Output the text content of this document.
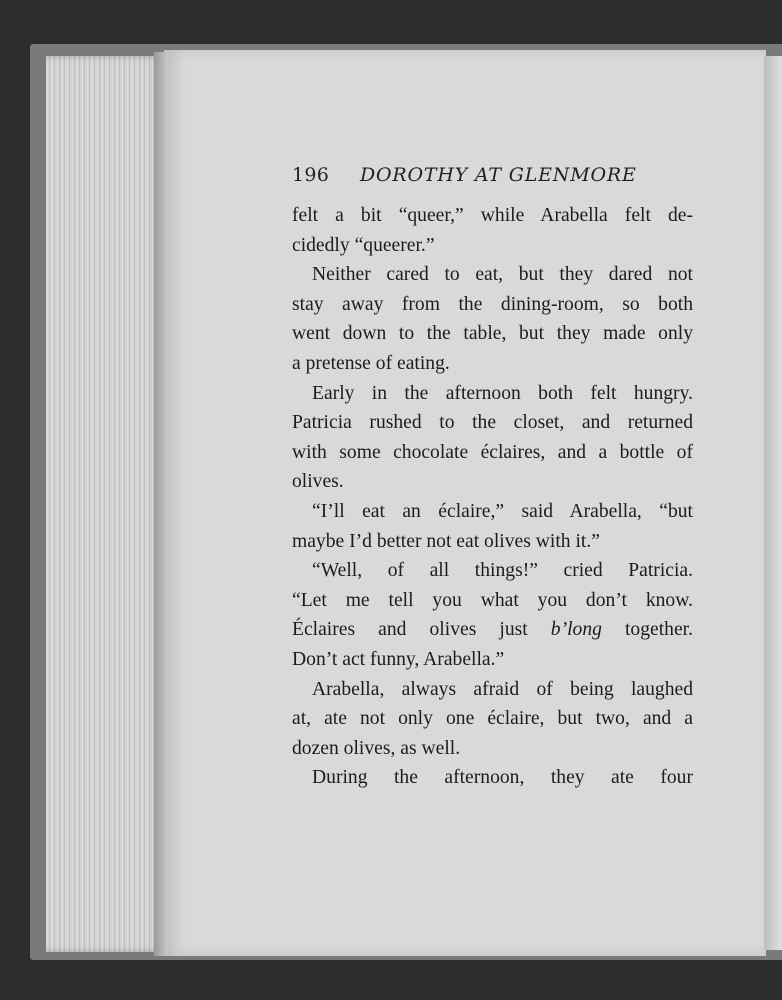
196 DOROTHY AT GLENMORE
felt a bit “queer,” while Arabella felt de-
cidedly “queerer.”
Neither cared to eat, but they dared not
stay away from the dining-room, so both
went down to the table, but they made only
a pretense of eating.
Early in the afternoon both felt hungry.
Patricia rushed to the closet, and returned
with some chocolate éclaires, and a bottle of
olives.
“I’ll eat an éclaire,” said Arabella, “but
maybe I’d better not eat olives with it.”
“Well, of all things!” cried Patricia.
“Let me tell you what you don’t know.
Éclaires and olives just b’long together.
Don’t act funny, Arabella.”
Arabella, always afraid of being laughed
at, ate not only one éclaire, but two, and a
dozen olives, as well.
During the afternoon, they ate four
